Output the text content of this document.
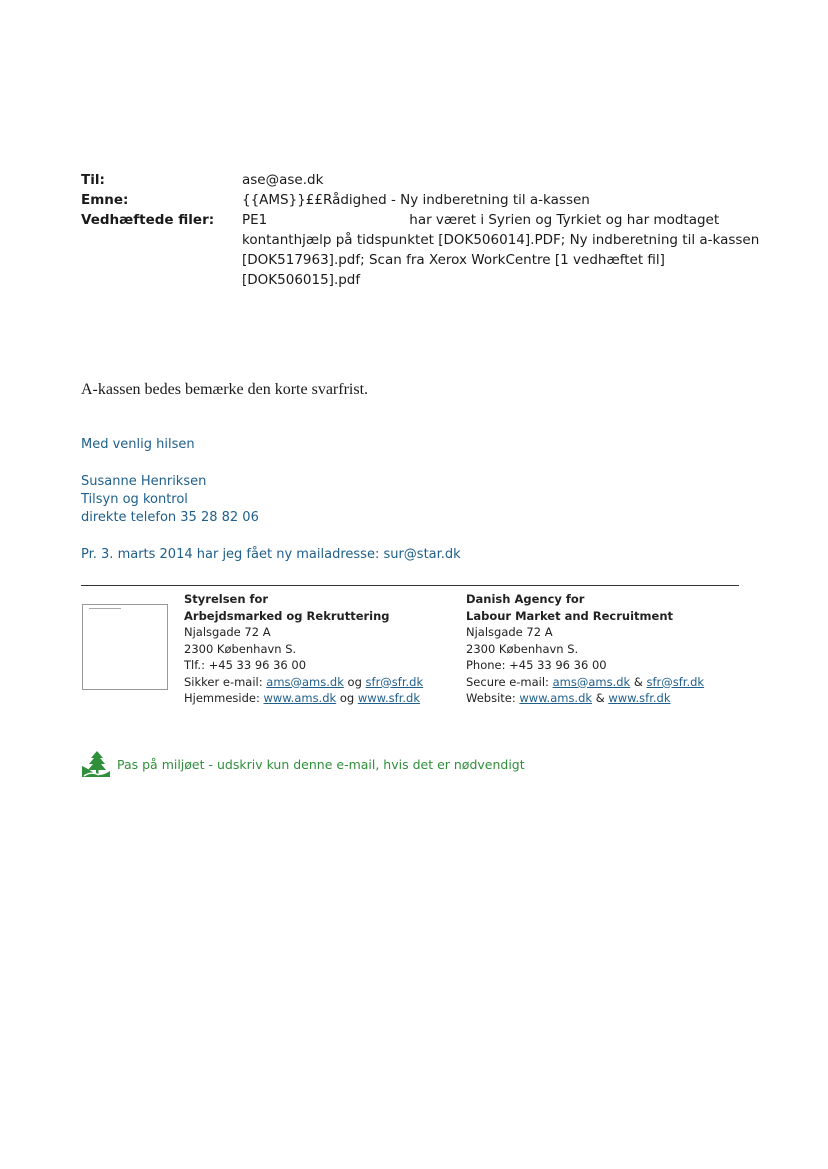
Til:	ase@ase.dk
Emne:	{{AMS}}££Rådighed - Ny indberetning til a-kassen
Vedhæftede filer:	PE1	har været i Syrien og Tyrkiet og har modtaget
kontanthjælp på tidspunktet [DOK506014].PDF; Ny indberetning til a-kassen
[DOK517963].pdf; Scan fra Xerox WorkCentre [1 vedhæftet fil]
[DOK506015].pdf
A-kassen bedes bemærke den korte svarfrist.
Med venlig hilsen
Susanne Henriksen
Tilsyn og kontrol
direkte telefon 35 28 82 06
Pr. 3. marts 2014 har jeg fået ny mailadresse: sur@star.dk
Styrelsen for
Arbejdsmarked og Rekruttering
Njalsgade 72 A
2300 København S.
Tlf.: +45 33 96 36 00
Sikker e-mail: ams@ams.dk og sfr@sfr.dk
Hjemmeside: www.ams.dk og www.sfr.dk
Danish Agency for
Labour Market and Recruitment
Njalsgade 72 A
2300 København S.
Phone: +45 33 96 36 00
Secure e-mail: ams@ams.dk & sfr@sfr.dk
Website: www.ams.dk & www.sfr.dk
Pas på miljøet - udskriv kun denne e-mail, hvis det er nødvendigt
